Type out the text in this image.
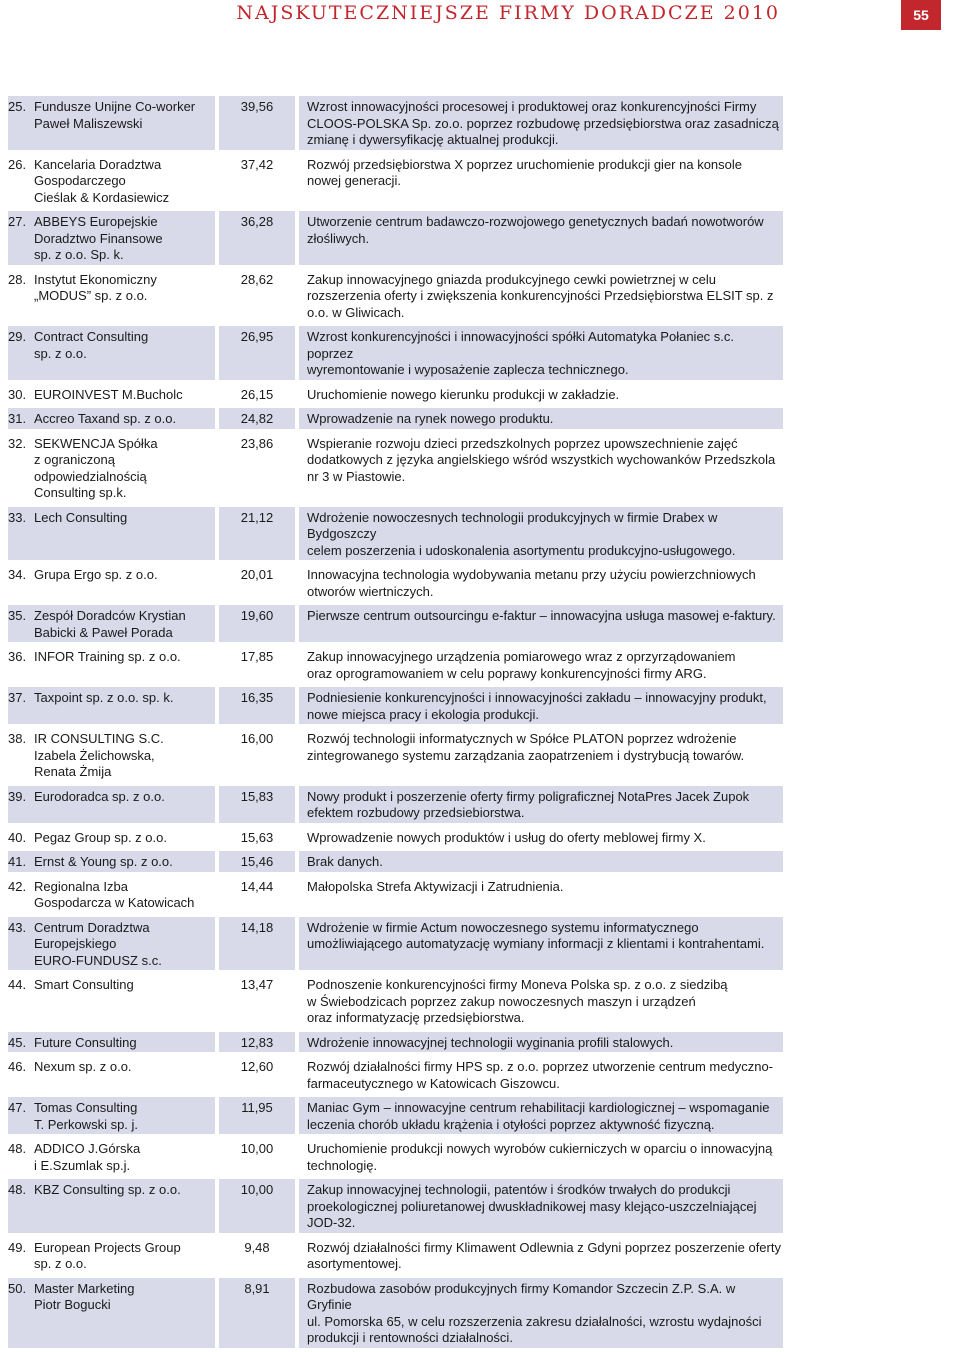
NAJSKUTECZNIEJSZE FIRMY DORADCZE 2010	55
25. Fundusze Unijne Co-worker
Paweł Maliszewski
39,56	Wzrost innowacyjności procesowej i produktowej oraz konkurencyjności Firmy
CLOOS-POLSKA Sp. zo.o. poprzez rozbudowę przedsiębiorstwa oraz zasadniczą
zmianę i dywersyfikację aktualnej produkcji.
26. Kancelaria Doradztwa
Gospodarczego
Cieślak & Kordasiewicz
37,42	Rozwój przedsiębiorstwa X poprzez uruchomienie produkcji gier na konsole
nowej generacji.
27. ABBEYS Europejskie
Doradztwo Finansowe
sp. z o.o. Sp. k.
36,28	Utworzenie centrum badawczo-rozwojowego genetycznych badań nowotworów
złośliwych.
28. Instytut Ekonomiczny
„MODUS” sp. z o.o.
28,62	Zakup innowacyjnego gniazda produkcyjnego cewki powietrznej w celu
rozszerzenia oferty i zwiększenia konkurencyjności Przedsiębiorstwa ELSIT sp. z
o.o. w Gliwicach.
29. Contract Consulting
sp. z o.o.
26,95	Wzrost konkurencyjności i innowacyjności spółki Automatyka Połaniec s.c. poprzez
wyremontowanie i wyposażenie zaplecza technicznego.
30. EUROINVEST M.Bucholc	26,15	Uruchomienie nowego kierunku produkcji w zakładzie.
31. Accreo Taxand sp. z o.o.	24,82	Wprowadzenie na rynek nowego produktu.
32. SEKWENCJA Spółka
z ograniczoną
odpowiedzialnością
Consulting sp.k.
23,86	Wspieranie rozwoju dzieci przedszkolnych poprzez upowszechnienie zajęć
dodatkowych z języka angielskiego wśród wszystkich wychowanków Przedszkola
nr 3 w Piastowie.
33. Lech Consulting	21,12	Wdrożenie nowoczesnych technologii produkcyjnych w firmie Drabex w Bydgoszczy
celem poszerzenia i udoskonalenia asortymentu produkcyjno-usługowego.
34. Grupa Ergo sp. z o.o.	20,01	Innowacyjna technologia wydobywania metanu przy użyciu powierzchniowych
otworów wiertniczych.
35. Zespół Doradców Krystian
Babicki & Paweł Porada
19,60	Pierwsze centrum outsourcingu e-faktur – innowacyjna usługa masowej e-faktury.
36. INFOR Training sp. z o.o.	17,85	Zakup innowacyjnego urządzenia pomiarowego wraz z oprzyrządowaniem
oraz oprogramowaniem w celu poprawy konkurencyjności firmy ARG.
37. Taxpoint sp. z o.o. sp. k.	16,35	Podniesienie konkurencyjności i innowacyjności zakładu – innowacyjny produkt,
nowe miejsca pracy i ekologia produkcji.
38. IR CONSULTING S.C.
Izabela Żelichowska,
Renata Żmija
16,00	Rozwój technologii informatycznych w Spółce PLATON poprzez wdrożenie
zintegrowanego systemu zarządzania zaopatrzeniem i dystrybucją towarów.
39. Eurodoradca sp. z o.o.	15,83	Nowy produkt i poszerzenie oferty firmy poligraficznej NotaPres Jacek Zupok
efektem rozbudowy przedsiebiorstwa.
40. Pegaz Group sp. z o.o.	15,63	Wprowadzenie nowych produktów i usług do oferty meblowej firmy X.
41. Ernst & Young sp. z o.o.	15,46	Brak danych.
42. Regionalna Izba
Gospodarcza w Katowicach
14,44	Małopolska Strefa Aktywizacji i Zatrudnienia.
43. Centrum Doradztwa
Europejskiego
EURO-FUNDUSZ s.c.
14,18	Wdrożenie w firmie Actum nowoczesnego systemu informatycznego
umożliwiającego automatyzację wymiany informacji z klientami i kontrahentami.
44. Smart Consulting	13,47	Podnoszenie konkurencyjności firmy Moneva Polska sp. z o.o. z siedzibą
w Świebodzicach poprzez zakup nowoczesnych maszyn i urządzeń
oraz informatyzację przedsiębiorstwa.
45. Future Consulting	12,83	Wdrożenie innowacyjnej technologii wyginania profili stalowych.
46. Nexum sp. z o.o.	12,60	Rozwój działalności firmy HPS sp. z o.o. poprzez utworzenie centrum medyczno-
farmaceutycznego w Katowicach Giszowcu.
47. Tomas Consulting
T. Perkowski sp. j.
11,95	Maniac Gym – innowacyjne centrum rehabilitacji kardiologicznej – wspomaganie
leczenia chorób układu krążenia i otyłości poprzez aktywność fizyczną.
48. ADDICO J.Górska
i E.Szumlak sp.j.
10,00	Uruchomienie produkcji nowych wyrobów cukierniczych w oparciu o innowacyjną
technologię.
48. KBZ Consulting sp. z o.o.	10,00	Zakup innowacyjnej technologii, patentów i środków trwałych do produkcji
proekologicznej poliuretanowej dwuskładnikowej masy klejąco-uszczelniającej JOD-32.
49. European Projects Group
sp. z o.o.
9,48	Rozwój działalności firmy Klimawent Odlewnia z Gdyni poprzez poszerzenie oferty
asortymentowej.
50. Master Marketing
Piotr Bogucki
8,91	Rozbudowa zasobów produkcyjnych firmy Komandor Szczecin Z.P. S.A. w Gryfinie
ul. Pomorska 65, w celu rozszerzenia zakresu działalności, wzrostu wydajności
produkcji i rentowności działalności.
